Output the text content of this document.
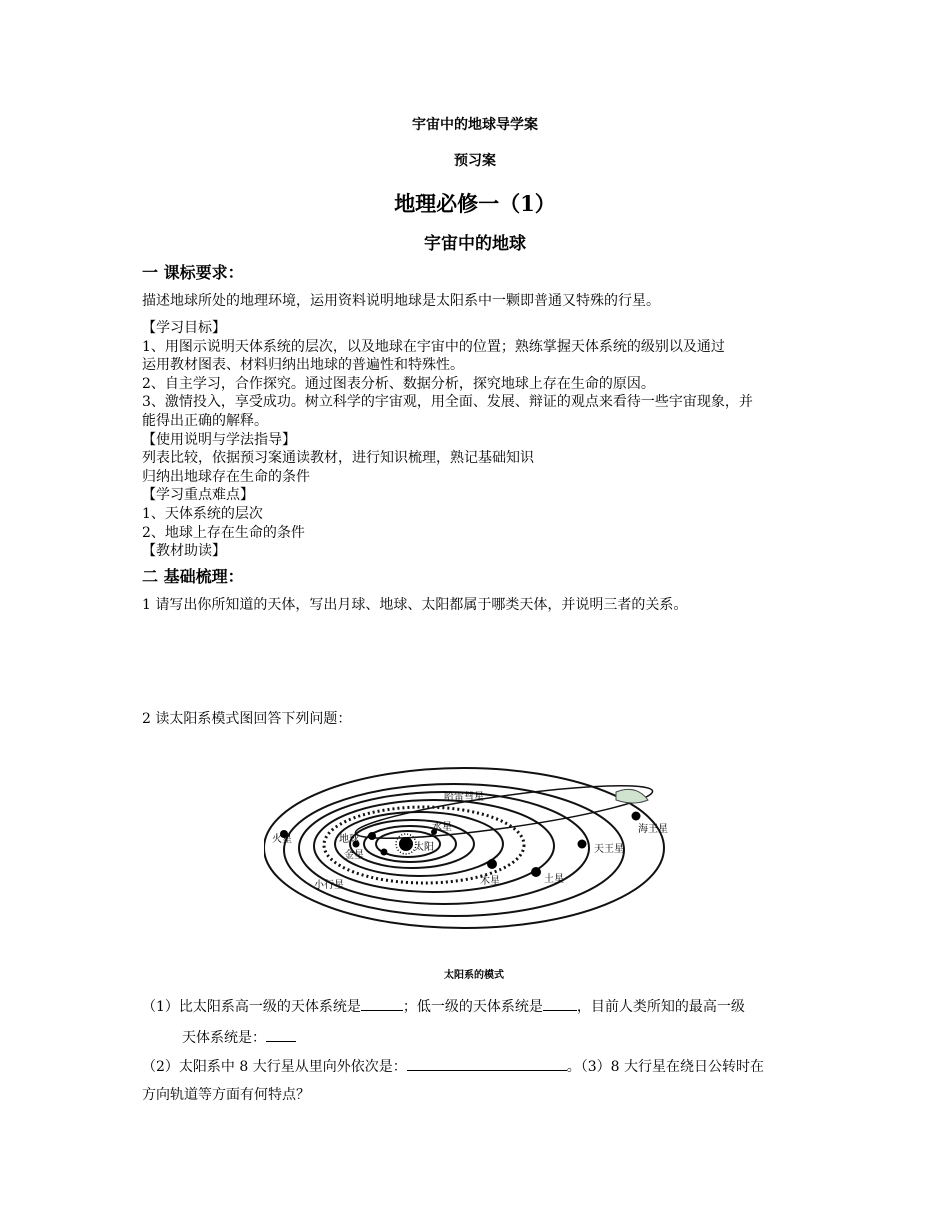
宇宙中的地球导学案
预习案
地理必修一（1）
宇宙中的地球
一 课标要求：
描述地球所处的地理环境，运用资料说明地球是太阳系中一颗即普通又特殊的行星。
【学习目标】
1、用图示说明天体系统的层次，以及地球在宇宙中的位置；熟练掌握天体系统的级别以及通过
运用教材图表、材料归纳出地球的普遍性和特殊性。
2、自主学习，合作探究。通过图表分析、数据分析，探究地球上存在生命的原因。
3、激情投入，享受成功。树立科学的宇宙观，用全面、发展、辩证的观点来看待一些宇宙现象，并
能得出正确的解释。
【使用说明与学法指导】
列表比较，依据预习案通读教材，进行知识梳理，熟记基础知识
归纳出地球存在生命的条件
【学习重点难点】
1、天体系统的层次
2、地球上存在生命的条件
【教材助读】
二 基础梳理：
1 请写出你所知道的天体，写出月球、地球、太阳都属于哪类天体，并说明三者的关系。
2 读太阳系模式图回答下列问题：
哈雷彗星
水星
太阳
地球
金星
火星
小行星	木星	土星
天王星
海王星
太阳系的模式
（1）比太阳系高一级的天体系统是	；低一级的天体系统是 ，目前人类所知的最高一级
天体系统是：
（2）太阳系中 8 大行星从里向外依次是：	。（3）8 大行星在绕日公转时在
方向轨道等方面有何特点？
